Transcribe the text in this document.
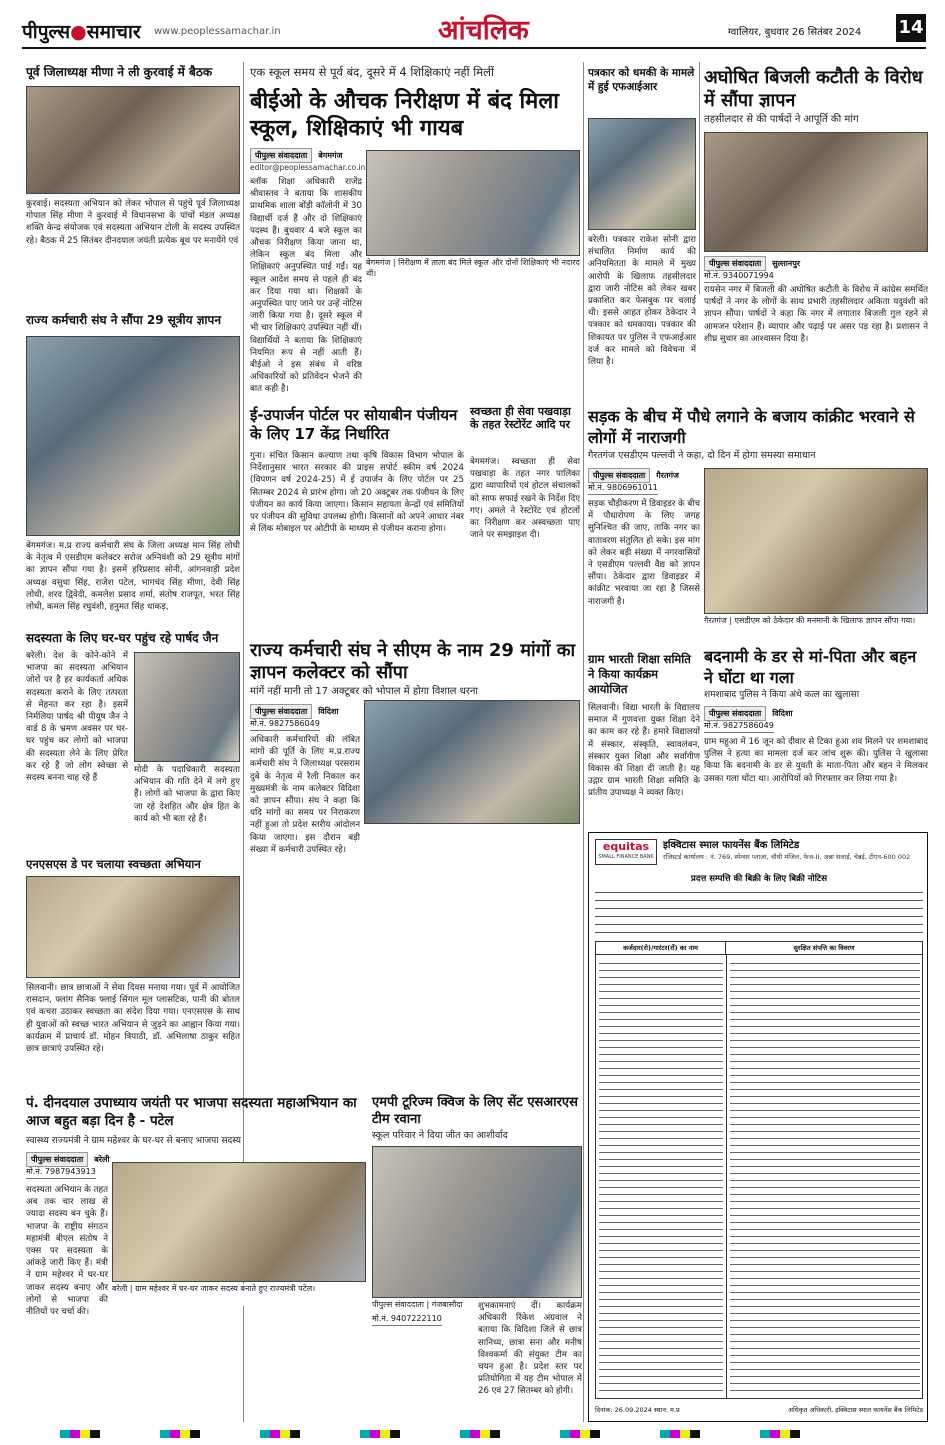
पीपुल्स●समाचार www.peoplessamachar.in	आंचलिक	ग्वालियर, बुधवार 26 सितंबर 2024 14
पूर्व जिलाध्यक्ष मीणा ने ली कुरवाई में बैठक

कुरवाई। सदस्यता अभियान को लेकर भोपाल से पहुंचे पूर्व जिलाध्यक्ष गोपाल सिंह मीणा ने कुरवाई में विधानसभा के पांचों मंडल अध्यक्ष शक्ति केन्द्र संयोजक एवं सदस्यता अभियान टोली के सदस्य उपस्थित रहे। बैठक में 25 सितंबर दीनदयाल जयंती प्रत्येक बूथ पर मनायेंगे एवं

राज्य कर्मचारी संघ ने सौंपा 29 सूत्रीय ज्ञापन

बेगमगंज। म.प्र राज्य कर्मचारी संघ के जिला अध्यक्ष मान सिंह लोधी के नेतृत्व में एसडीएम कलेक्टर सरोज अग्निवंशी को 29 सूत्रीय मांगों का ज्ञापन सौंपा गया है। इसमें हरिप्रसाद सोनी, आंगनवाड़ी प्रदेश अध्यक्ष वसुधा सिंह, राजेश पटेल, भागचंद सिंह मीणा, देवी सिंह लोधी, शरद द्विवेदी, कमलेश प्रसाद शर्मा, संतोष राजपूत, भरत सिंह लोधी, कमल सिंह रघुवंशी, हनुमत सिंह धाकड़,

सदस्यता के लिए घर-घर पहुंच रहे पार्षद जैन

बरेली। देश के कोने-कोने में भाजपा का सदस्यता अभियान जोरों पर है हर कार्यकर्ता अधिक सदस्यता कराने के लिए तत्परता से मेहनत कर रहा है। इसमें निर्मलिया पार्षद श्री पीयूष जैन ने वार्ड 8 के भ्रमण अवसर पर घर-घर पहुंच कर लोगों को भाजपा की सदस्यता लेने के लिए प्रेरित कर रहे हैं जो लोग स्वेच्छा से सदस्य बनना चाह रहे हैं

मोदी के पदाधिकारी सदस्यता अभियान की गति देने में लगे हुए हैं। लोगों को भाजपा के द्वारा किए जा रहे देशहित और क्षेत्र हित के कार्य को भी बता रहे हैं।

एनएसएस डे पर चलाया स्वच्छता अभियान

सिलवानी। छात्र छात्राओं ने सेवा दिवस मनाया गया। पूर्व में आयोजित रासदान, फ्लांग सैनिक फ्लाई सिंगल मूल प्लासटिक, पानी की बोतल एवं कचरा उठाकर स्वच्छता का संदेश दिया गया। एनएसएस के साथ ही युवाओं को स्वच्छ भारत अभियान से जुड़ने का आह्वान किया गया। कार्यक्रम में प्राचार्य डॉ. मोहन त्रिपाठी, डॉ. अभिलाषा ठाकुर सहित छात्र छात्राएं उपस्थित रहे।

एक स्कूल समय से पूर्व बंद, दूसरे में 4 शिक्षिकाएं नहीं मिलीं
बीईओ के औचक निरीक्षण में बंद मिला स्कूल, शिक्षिकाएं भी गायब
पीपुल्स संवाददाता	बेगमगंज
editor@peoplessamachar.co.in

ब्लॉक शिक्षा अधिकारी राजेंद्र श्रीवास्तव ने बताया कि शासकीय प्राथमिक शाला बोंड़ी कॉलोनी में 30 विद्यार्थी दर्ज हैं और दो शिक्षिकाएं पदस्थ हैं। बुधवार 4 बजे स्कूल का औचक निरीक्षण किया जाना था, लेकिन स्कूल बंद मिला और शिक्षिकाएं अनुपस्थित पाई गईं। यह स्कूल आदेश समय से पहले ही बंद कर दिया गया था। शिक्षकों के अनुपस्थित पाए जाने पर उन्हें नोटिस जारी किया गया है। दूसरे स्कूल में भी चार शिक्षिकाएं उपस्थित नहीं थीं। विद्यार्थियों ने बताया कि शिक्षिकाएं नियमित रूप से नहीं आती हैं। बीईओ ने इस संबंध में वरिष्ठ अधिकारियों को प्रतिवेदन भेजने की बात कही है।

बेगमगंज | निरीक्षण में ताला बंद मिले स्कूल और दोनों शिक्षिकाएं भी नदारद थीं।
ई-उपार्जन पोर्टल पर सोयाबीन पंजीयन के लिए 17 केंद्र निर्धारित

गुना। संचित किसान कल्याण तथा कृषि विकास विभाग भोपाल के निर्देशानुसार भारत सरकार की प्राइस सपोर्ट स्कीम वर्ष 2024 (विपणन वर्ष 2024-25) में ई उपार्जन के लिए पोर्टल पर 25 सितम्बर 2024 से प्रारंभ होगा। जो 20 अक्टूबर तक पंजीयन के लिए पंजीयन का कार्य किया जाएगा। किसान सहायता केन्द्रों एवं समितियों पर पंजीयन की सुविधा उपलब्ध होगी। किसानों को अपने आधार नंबर से लिंक मोबाइल पर ओटीपी के माध्यम से पंजीयन कराना होगा।

स्वच्छता ही सेवा पखवाड़ा के तहत रेस्टोरेंट आदि पर

बेगमगंज। स्वच्छता ही सेवा पखवाड़ा के तहत नगर पालिका द्वारा व्यापारियों एवं होटल संचालकों को साफ सफाई रखने के निर्देश दिए गए। अमले ने रेस्टोरेंट एवं होटलों का निरीक्षण कर अस्वच्छता पाए जाने पर समझाइश दी।

राज्य कर्मचारी संघ ने सीएम के नाम 29 मांगों का ज्ञापन कलेक्टर को सौंपा
मांगें नहीं मानी तो 17 अक्टूबर को भोपाल में होगा विशाल धरना
पीपुल्स संवाददाता	विदिशा
मो.नं. 9827586049

अधिकारी कर्मचारियों की लंबित मांगों की पूर्ति के लिए म.प्र.राज्य कर्मचारी संघ ने जिलाध्यक्ष परसराम दुबे के नेतृत्व में रैली निकाल कर मुख्यमंत्री के नाम कलेक्टर विदिशा को ज्ञापन सौंपा। संघ ने कहा कि यदि मांगों का समय पर निराकरण नहीं हुआ तो प्रदेश स्तरीय आंदोलन किया जाएगा। इस दौरान बड़ी संख्या में कर्मचारी उपस्थित रहे।

पं. दीनदयाल उपाध्याय जयंती पर भाजपा सदस्यता महाअभियान का आज बहुत बड़ा दिन है - पटेल
स्वास्थ्य राज्यमंत्री ने ग्राम महेश्वर के घर-घर से बनाए भाजपा सदस्य
पीपुल्स संवाददाता	बरेली
मो.नं. 7987943913

सदस्यता अभियान के तहत अब तक चार लाख से ज्यादा सदस्य बन चुके हैं। भाजपा के राष्ट्रीय संगठन महामंत्री बीएल संतोष ने एक्स पर सदस्यता के आंकड़े जारी किए हैं। मंत्री ने ग्राम महेश्वर में घर-घर जाकर सदस्य बनाए और लोगों से भाजपा की नीतियों पर चर्चा की।

बरेली | ग्राम महेश्वर में घर-घर जाकर सदस्य बनाते हुए राज्यमंत्री पटेल।
एमपी टूरिज्म क्विज के लिए सेंट एसआरएस टीम रवाना
स्कूल परिवार ने दिया जीत का आशीर्वाद
पीपुल्स संवाददाता | गंजबासौदा
मो.नं. 9407222110

शुभकामनाएं दीं। कार्यक्रम अधिकारी रिंकेश अग्रवाल ने बताया कि विदिशा जिले से छात्र सानिध्य, छात्रा सना और मनीष विश्वकर्मा की संयुक्त टीम का चयन हुआ है। प्रदेश स्तर पर प्रतियोगिता में यह टीम भोपाल में 26 एवं 27 सितम्बर को होगी।

पत्रकार को धमकी के मामले में हुई एफआईआर

बरेली। पत्रकार राकेश सोनी द्वारा संचालित निर्माण कार्य की अनियमितता के मामले में मुख्य आरोपी के खिलाफ तहसीलदार द्वारा जारी नोटिस को लेकर खबर प्रकाशित कर फेसबुक पर चलाई थी। इससे आहत होकर ठेकेदार ने पत्रकार को धमकाया। पत्रकार की शिकायत पर पुलिस ने एफआईआर दर्ज कर मामले को विवेचना में लिया है।

अघोषित बिजली कटौती के विरोध में सौंपा ज्ञापन
तहसीलदार से की पार्षदों ने आपूर्ति की मांग
पीपुल्स संवाददाता	सुल्तानपुर
मो.नं. 9340071994

रायसेन नगर में बिजली की अघोषित कटौती के विरोध में कांग्रेस समर्थित पार्षदों ने नगर के लोगों के साथ प्रभारी तहसीलदार अकिता यदुवंशी को ज्ञापन सौंपा। पार्षदों ने कहा कि नगर में लगातार बिजली गुल रहने से आमजन परेशान हैं। व्यापार और पढ़ाई पर असर पड़ रहा है। प्रशासन ने शीघ्र सुधार का आश्वासन दिया है।

सड़क के बीच में पौधे लगाने के बजाय कांक्रीट भरवाने से लोगों में नाराजगी
गैरतगंज एसडीएम पल्लवी ने कहा, दो दिन में होगा समस्या समाधान
पीपुल्स संवाददाता	गैरतगंज
मो.नं. 9806961011

सड़क चौड़ीकरण में डिवाइडर के बीच में पौधारोपण के लिए जगह सुनिश्चित की जाए, ताकि नगर का वातावरण संतुलित हो सके। इस मांग को लेकर बड़ी संख्या में नगरवासियों ने एसडीएम पल्लवी वैद्य को ज्ञापन सौंपा। ठेकेदार द्वारा डिवाइडर में कांक्रीट भरवाया जा रहा है जिससे नाराजगी है।

गैरतगंज | एसडीएम को ठेकेदार की मनमानी के खिलाफ ज्ञापन सौंपा गया।
ग्राम भारती शिक्षा समिति ने किया कार्यक्रम आयोजित

सिलवानी। विद्या भारती के विद्यालय समाज में गुणवत्ता युक्त शिक्षा देने का काम कर रहे हैं। हमारे विद्यालयों में संस्कार, संस्कृति, स्वावलंबन, संस्कार युक्त शिक्षा और सर्वांगीण विकास की शिक्षा दी जाती है। यह उद्गार ग्राम भारती शिक्षा समिति के प्रांतीय उपाध्यक्ष ने व्यक्त किए।

बदनामी के डर से मां-पिता और बहन ने घोंटा था गला
शमशाबाद पुलिस ने किया अंधे कत्ल का खुलासा
पीपुल्स संवाददाता	विदिशा
मो.नं. 9827586049

ग्राम महुआ में 16 जून को दीवार से टिका हुआ शव मिलने पर शमशाबाद पुलिस ने हत्या का मामला दर्ज कर जांच शुरू की। पुलिस ने खुलासा किया कि बदनामी के डर से युवती के माता-पिता और बहन ने मिलकर उसका गला घोंटा था। आरोपियों को गिरफ्तार कर लिया गया है।

equitas
SMALL FINANCE BANK
इक्विटास स्माल फायनेंस बैंक लिमिटेड
रजिस्टर्ड कार्यालय : नं. 769, स्पेन्सर प्लाजा, चौथी मंजिल, फेज-II, अन्ना सलाई, चेन्नई, टीएन-600 002
प्रदत्त सम्पत्ति की बिक्री के लिए बिक्री नोटिस
कर्जदार(रो)/गारंटर(रों) का नाम	सुरक्षित संपत्ति का विवरण
दिनांक: 26.09.2024 स्थान: म.प्र	अधिकृत अधिकारी, इक्विटास स्माल फायनेंस बैंक लिमिटेड
